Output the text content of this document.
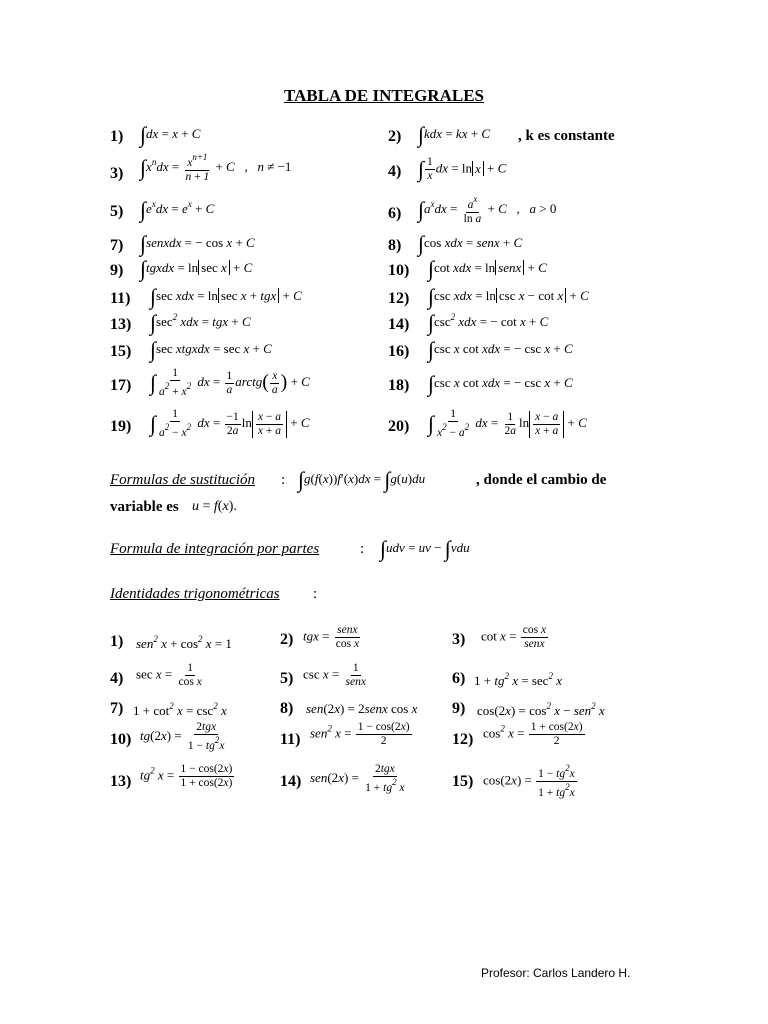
TABLA DE INTEGRALES
1) ∫dx = x + C
3) $\int x^ndx = \frac{x^{n+1}}{n + 1} + C$   ,   n ≠ −1
5) $\int e^xdx = e^x + C$
7) ∫senxdx = − cos x + C
9) ∫tgxdx = ln sec x + C
11) ∫sec xdx = ln sec x + tgx + C
13) $\int\sec^2$ xdx = tgx + C
15) ∫sec xtgxdx = sec x + C
17) ∫ $\frac{1}{a^2 + x^2}$ dx = $\frac{1}{a}$ arctg( $\frac{x}{a}$ ) + C
19) ∫ $\frac{1}{a^2 - x^2}$ dx = $\frac{-1}{2a}$ $\ln \frac{x - a}{x + a} + C$
2) ∫kdx = kx + C , k es constante
4) ∫ $\frac{1}{x}$ dx = ln x + C
6) $\int a^xdx = \frac{a^x}{\text{ln a}} + C$   ,   a > 0
8) ∫cos xdx = senx + C
10) ∫cot xdx = ln senx + C
12) ∫csc xdx = ln csc x − cot x + C
14) $\int\csc^2$ xdx = − cot x + C
16) ∫csc x cot xdx = − csc x + C
18) ∫csc x cot xdx = − csc x + C
20) ∫ $\frac{1}{x^2 - a^2}$ dx = $\frac{1}{2a}$ $\ln \frac{x - a}{x + a} + C$
Formulas de sustitución : ∫g(f(x))f′(x)dx = ∫g(u)du	, donde el cambio de
variable es u = f(x).
Formula de integración por partes	: ∫udv = uv − ∫vdu
Identidades trigonométricas :
1) sen$^2$ $x + \cos^2 x = 1$	2) tgx = $\frac{\text{senx}}{\text{cos x}}$	3) $\cot x = \frac{\text{cos x}}{\text{senx}}$
4) $\sec x = \frac{1}{\text{cos x}}$	5) $\csc x = \frac{1}{\text{senx}}$	6) $1 + tg^2$ $x = \sec^2 x$
7) $1 + \cot^2 x = \csc^2 x$	8) sen(2x) = 2senx cos x 9) $\cos(2x) = \cos^2 x - sen^2$ x
10) $tg(2x) = \frac{\text{2tgx}}{1 - tg^2x}$	11) sen$^2$ $x = \frac{1 - \cos(2x)}{2}$	12) $\cos^2 x = \frac{1 + \cos(2x)}{2}$
13) $tg^2$ $x = \frac{1 - \cos(2x)}{1 + \cos(2x)}$	14) $sen(2x) = \frac{\text{2tgx}}{1 + tg^2 x}$	15) $\cos(2x) = \frac{1 - tg^2x}{1 + tg^2x}$
Profesor: Carlos Landero H.
